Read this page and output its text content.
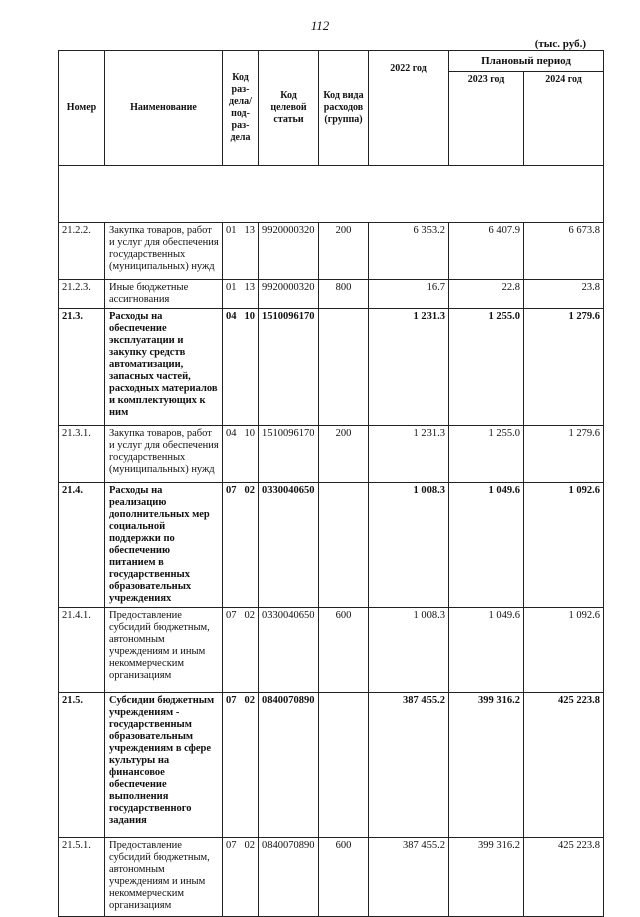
112
(тыс. руб.)
Номер	Наименование	Код раз-дела/ под-раз-дела	Код целевой статьи	Код вида расходов (группа)	2022 год	Плановый период	
						2023 год	2024 год

21.2.2.	Закупка товаров, работ и услуг для обеспечения государственных (муниципальных) нужд	01 13	9920000320	200	6 353.2	6 407.9	6 673.8
21.2.3.	Иные бюджетные ассигнования	01 13	9920000320	800	16.7	22.8	23.8
21.3.	Расходы на обеспечение эксплуатации и закупку средств автоматизации, запасных частей, расходных материалов и комплектующих к ним	04 10	1510096170		1 231.3	1 255.0	1 279.6
21.3.1.	Закупка товаров, работ и услуг для обеспечения государственных (муниципальных) нужд	04 10	1510096170	200	1 231.3	1 255.0	1 279.6
21.4.	Расходы на реализацию дополнительных мер социальной поддержки по обеспечению питанием в государственных образовательных учреждениях	07 02	0330040650		1 008.3	1 049.6	1 092.6
21.4.1.	Предоставление субсидий бюджетным, автономным учреждениям и иным некоммерческим организациям	07 02	0330040650	600	1 008.3	1 049.6	1 092.6
21.5.	Субсидии бюджетным учреждениям - государственным образовательным учреждениям в сфере культуры на финансовое обеспечение выполнения государственного задания	07 02	0840070890		387 455.2	399 316.2	425 223.8
21.5.1.	Предоставление субсидий бюджетным, автономным учреждениям и иным некоммерческим организациям	07 02	0840070890	600	387 455.2	399 316.2	425 223.8
